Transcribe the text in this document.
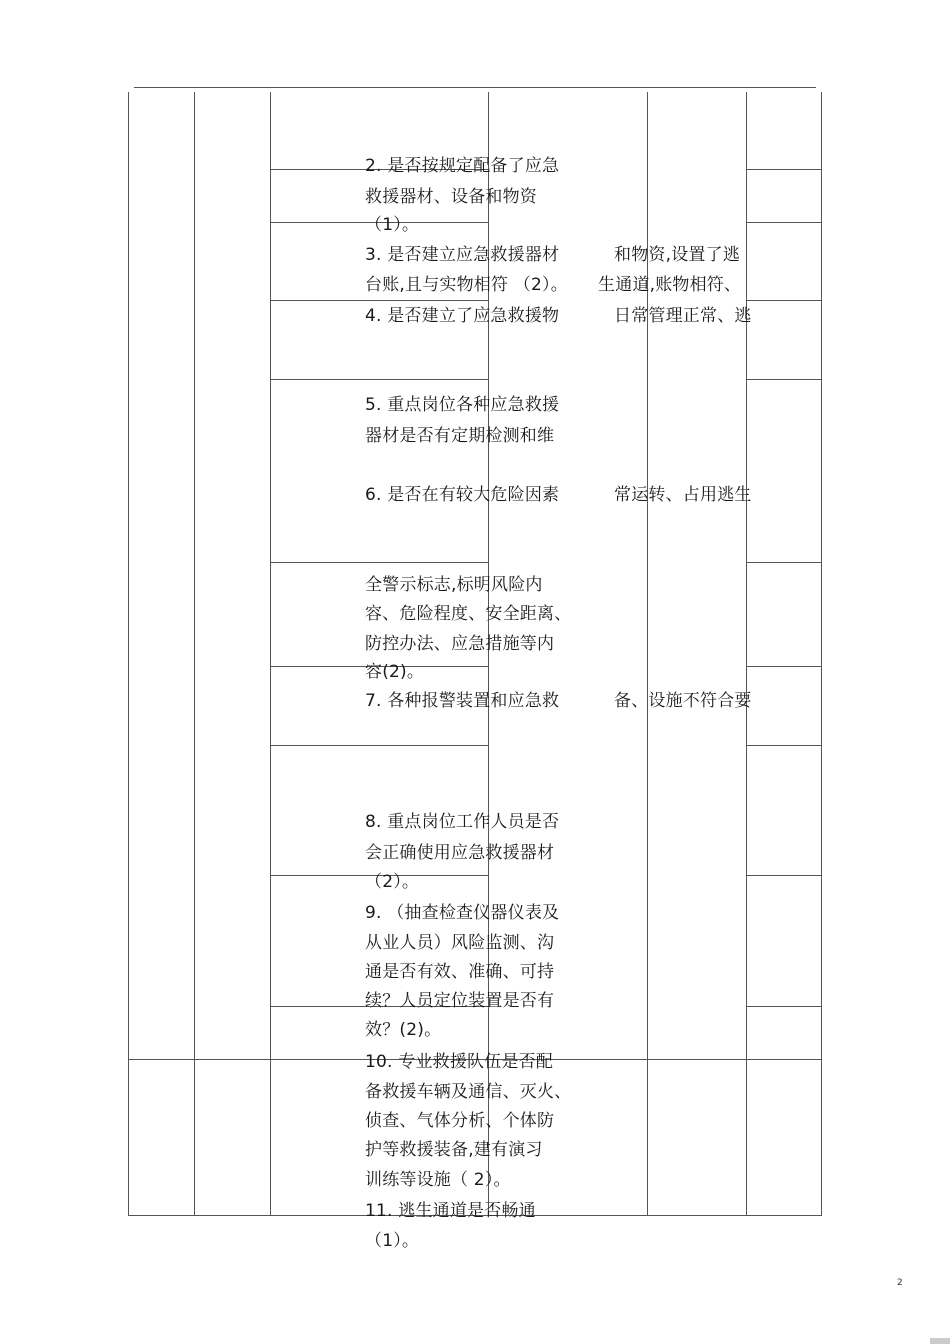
2. 是否按规定配备了应急
救援器材、设备和物资
（1）。
3. 是否建立应急救援器材
台账,且与实物相符 （2）。
4. 是否建立了应急救援物
5. 重点岗位各种应急救援
器材是否有定期检测和维
6. 是否在有较大危险因素
全警示标志,标明风险内
容、危险程度、安全距离、
防控办法、应急措施等内
容(2)。
7. 各种报警装置和应急救
8. 重点岗位工作人员是否
会正确使用应急救援器材
（2）。
9. （抽查检查仪器仪表及
从业人员）风险监测、沟
通是否有效、准确、可持
续？人员定位装置是否有
效？(2)。
10. 专业救援队伍是否配
备救援车辆及通信、灭火、
侦查、气体分析、个体防
护等救援装备,建有演习
训练等设施（ 2）。
11. 逃生通道是否畅通
（1）。
和物资,设置了逃
生通道,账物相符、
日常管理正常、逃
常运转、占用逃生
备、设施不符合要
2
